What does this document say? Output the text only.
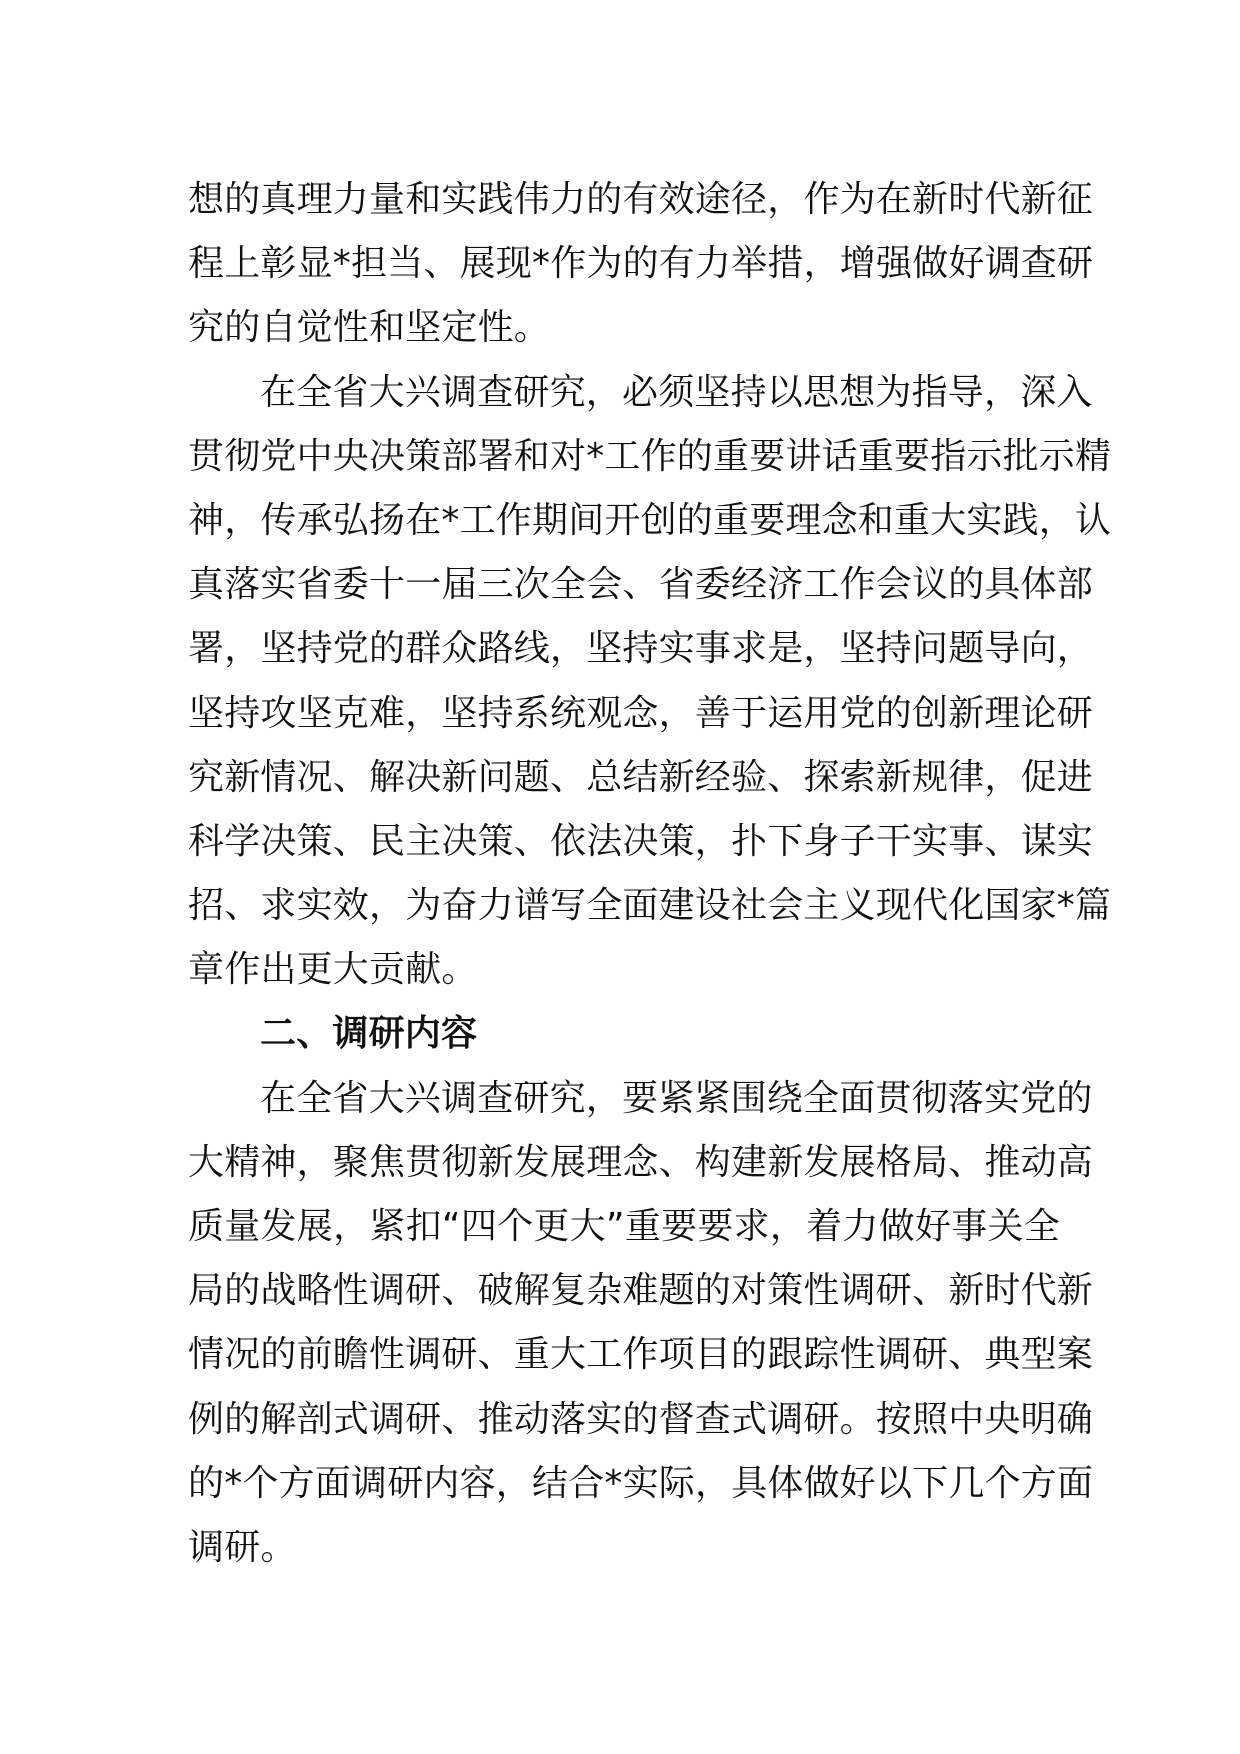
想的真理力量和实践伟力的有效途径，作为在新时代新征
程上彰显*担当、展现*作为的有力举措，增强做好调查研
究的自觉性和坚定性。
在全省大兴调查研究，必须坚持以思想为指导，深入
贯彻党中央决策部署和对*工作的重要讲话重要指示批示精
神，传承弘扬在*工作期间开创的重要理念和重大实践，认
真落实省委十一届三次全会、省委经济工作会议的具体部
署，坚持党的群众路线，坚持实事求是，坚持问题导向，
坚持攻坚克难，坚持系统观念，善于运用党的创新理论研
究新情况、解决新问题、总结新经验、探索新规律，促进
科学决策、民主决策、依法决策，扑下身子干实事、谋实
招、求实效，为奋力谱写全面建设社会主义现代化国家*篇
章作出更大贡献。
二、调研内容
在全省大兴调查研究，要紧紧围绕全面贯彻落实党的
大精神，聚焦贯彻新发展理念、构建新发展格局、推动高
质量发展，紧扣“四个更大”重要要求，着力做好事关全
局的战略性调研、破解复杂难题的对策性调研、新时代新
情况的前瞻性调研、重大工作项目的跟踪性调研、典型案
例的解剖式调研、推动落实的督查式调研。按照中央明确
的*个方面调研内容，结合*实际，具体做好以下几个方面
调研。
